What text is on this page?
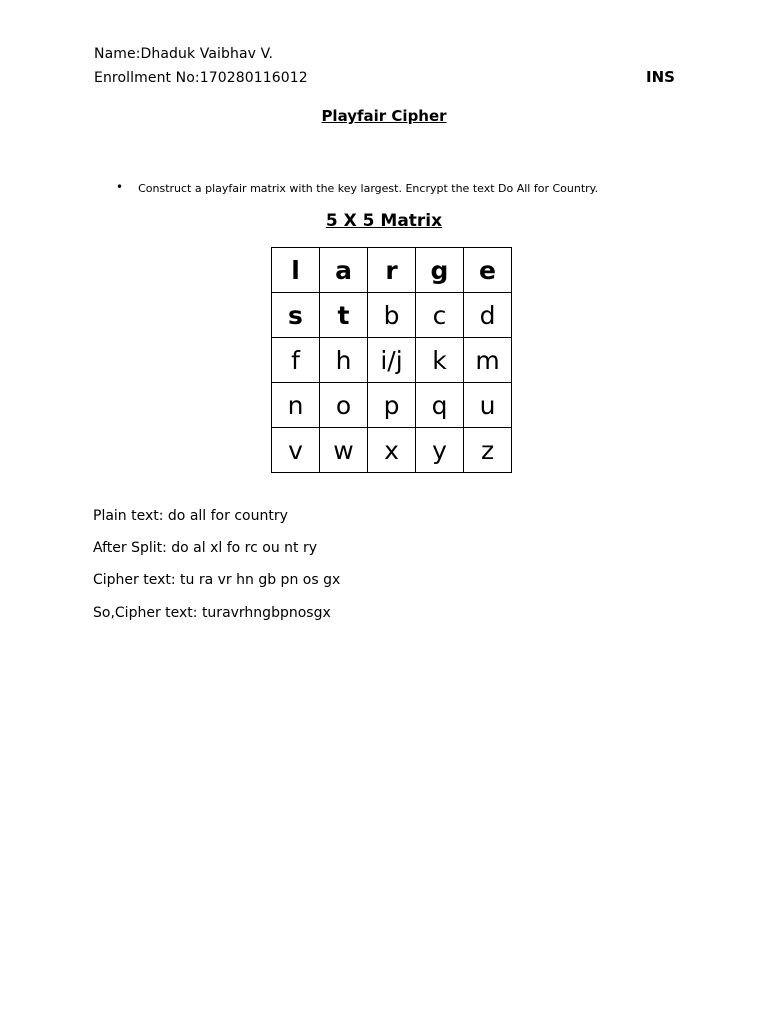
Name:Dhaduk Vaibhav V.
Enrollment No:170280116012	INS
Playfair Cipher
• Construct a playfair matrix with the key largest. Encrypt the text Do All for Country.
5 X 5 Matrix
l	a	r	g	e
s	t	b	c	d
f	h	i/j	k	m
n	o	p	q	u
v	w	x	y	z
Plain text: do all for country
After Split: do al xl fo rc ou nt ry
Cipher text: tu ra vr hn gb pn os gx
So,Cipher text: turavrhngbpnosgx
